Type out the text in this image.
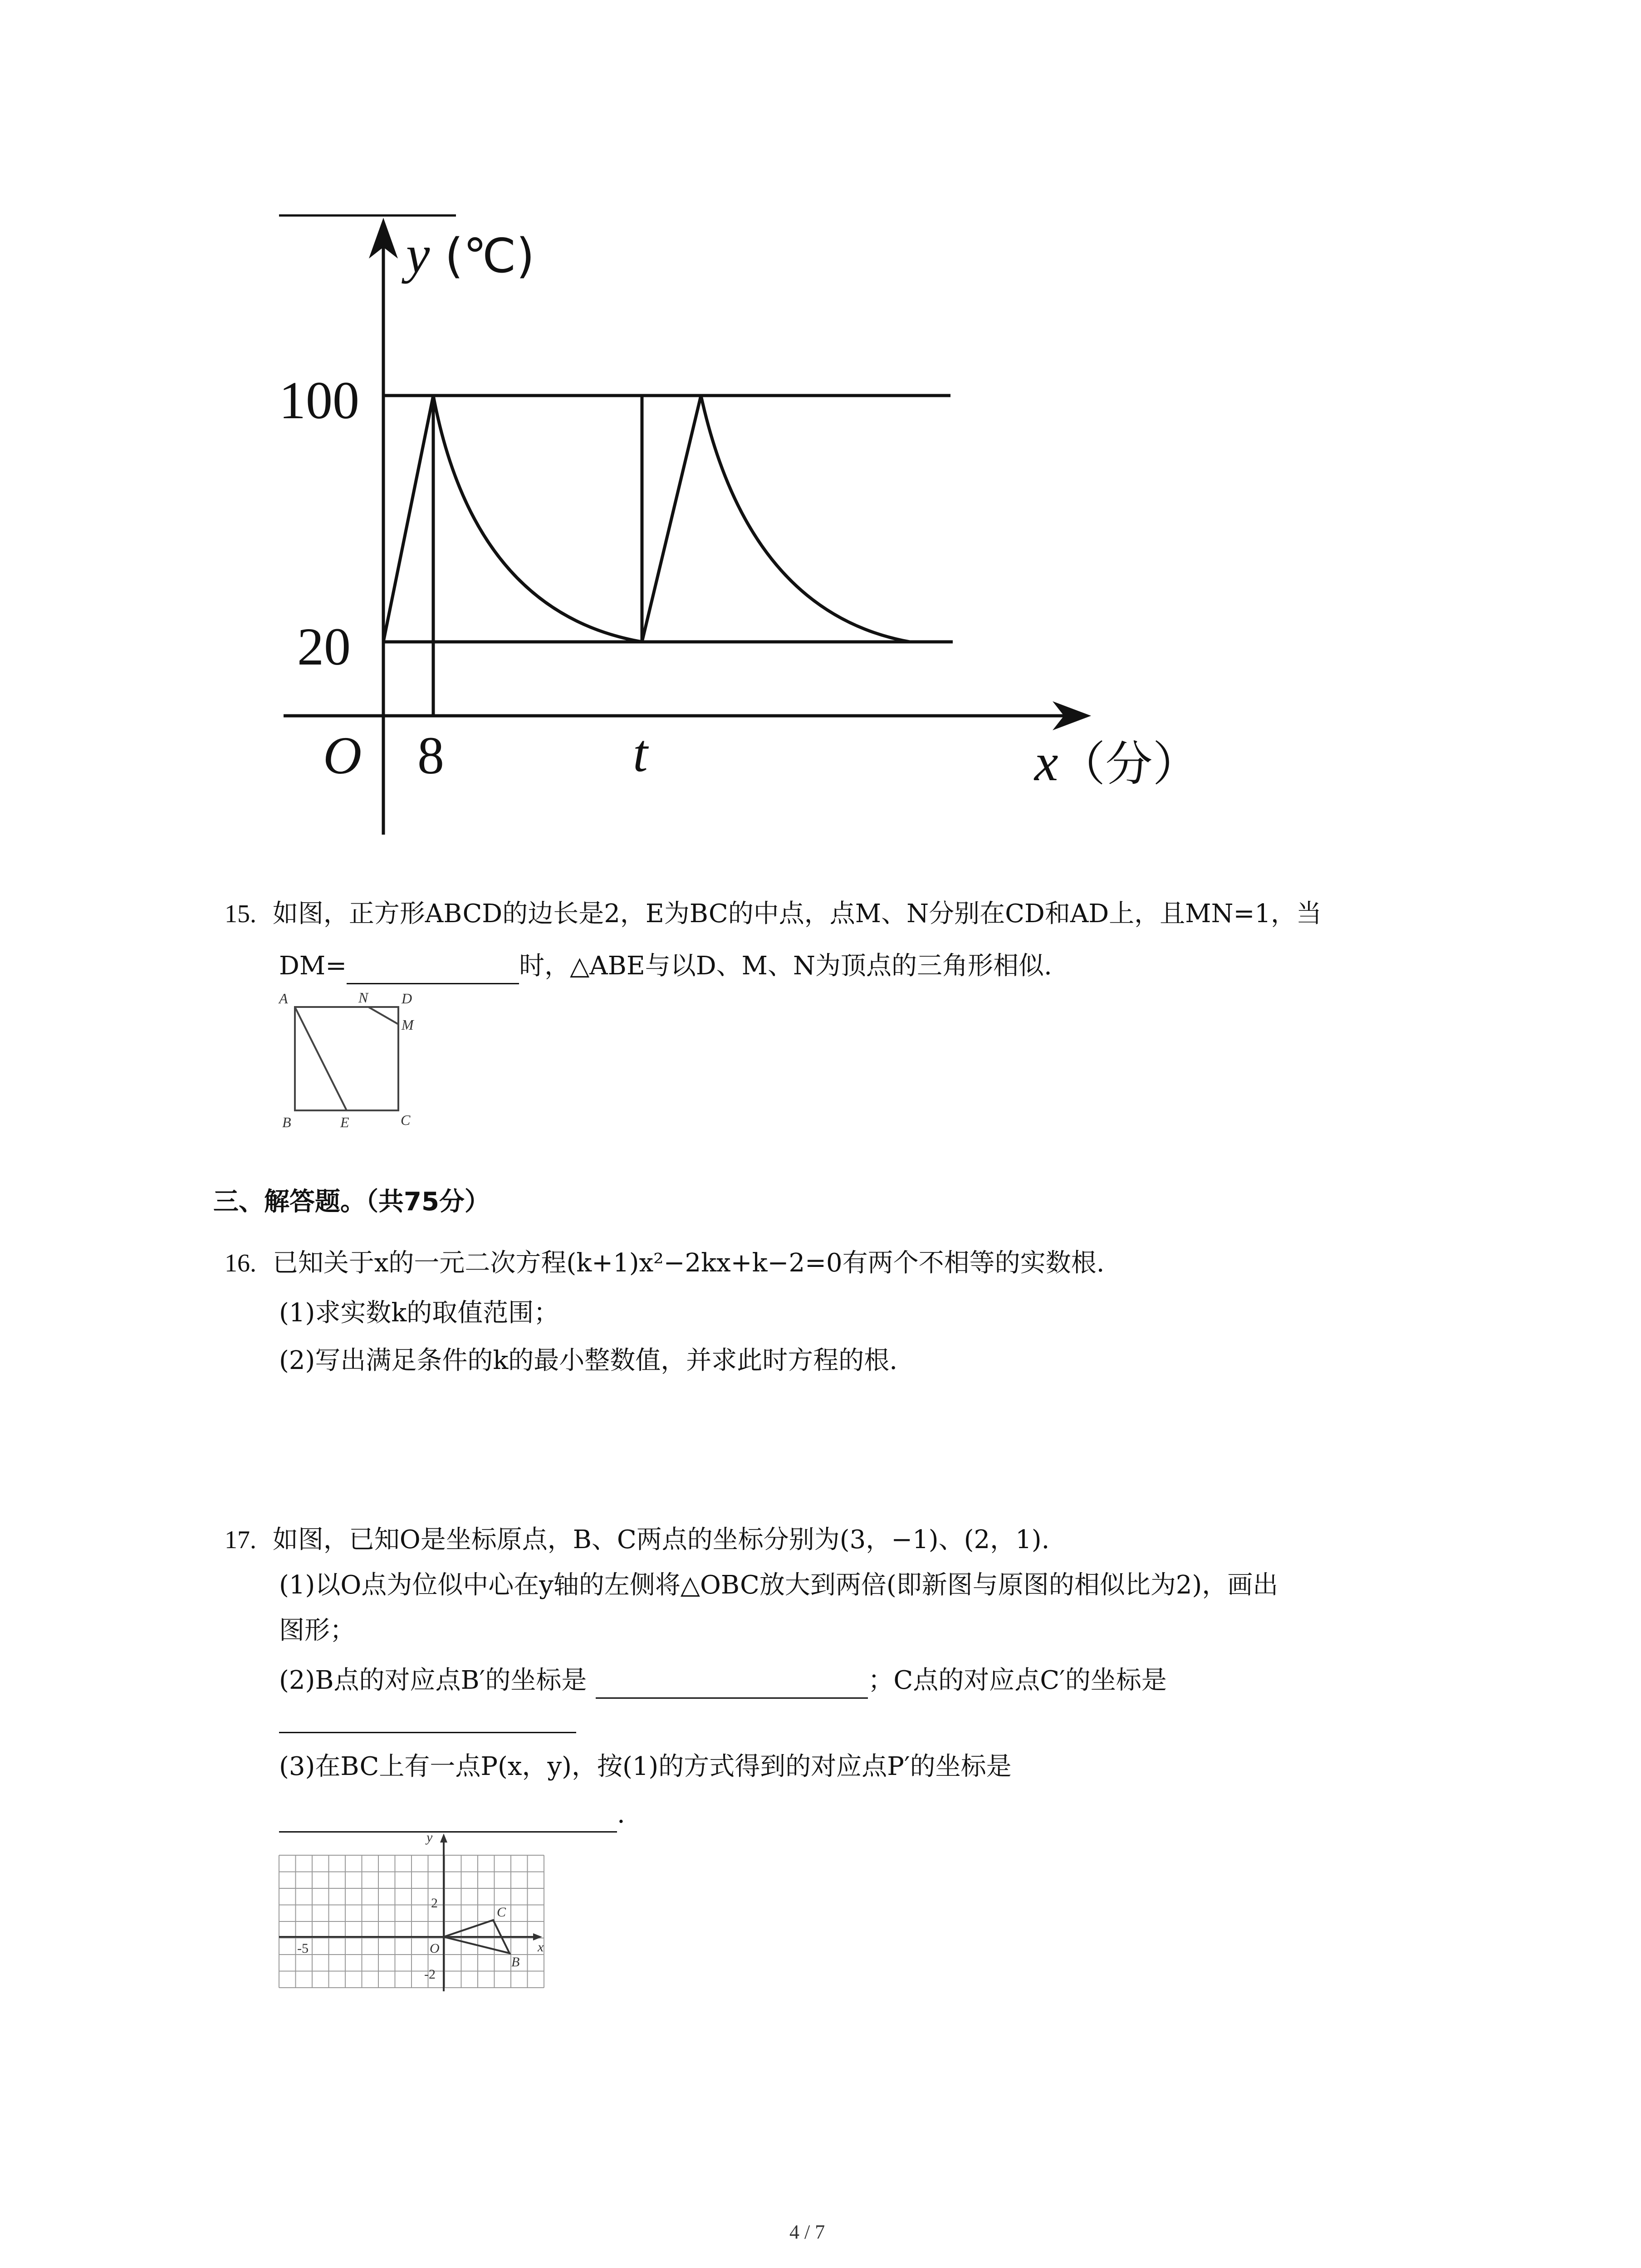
100
20
8	t
O
y (℃)
x（分）
15. 如图，正方形ABCD的边长是2，E为BC的中点，点M、N分别在CD和AD上，且MN=1，当
DM=	时，△ABE与以D、M、N为顶点的三角形相似.
A	N D
M
B	E	C
三、解答题。（共75分）
16. 已知关于x的一元二次方程(k+1)x²−2kx+k−2=0有两个不相等的实数根.
(1)求实数k的取值范围；
(2)写出满足条件的k的最小整数值，并求此时方程的根.
17. 如图，已知O是坐标原点，B、C两点的坐标分别为(3，−1)、(2，1).
(1)以O点为位似中心在y轴的左侧将△OBC放大到两倍(即新图与原图的相似比为2)，画出
图形；
(2)B点的对应点B′的坐标是	；C点的对应点C′的坐标是
(3)在BC上有一点P(x，y)，按(1)的方式得到的对应点P′的坐标是
.
y
x
O
C
B
2
-2
-5
4 / 7
